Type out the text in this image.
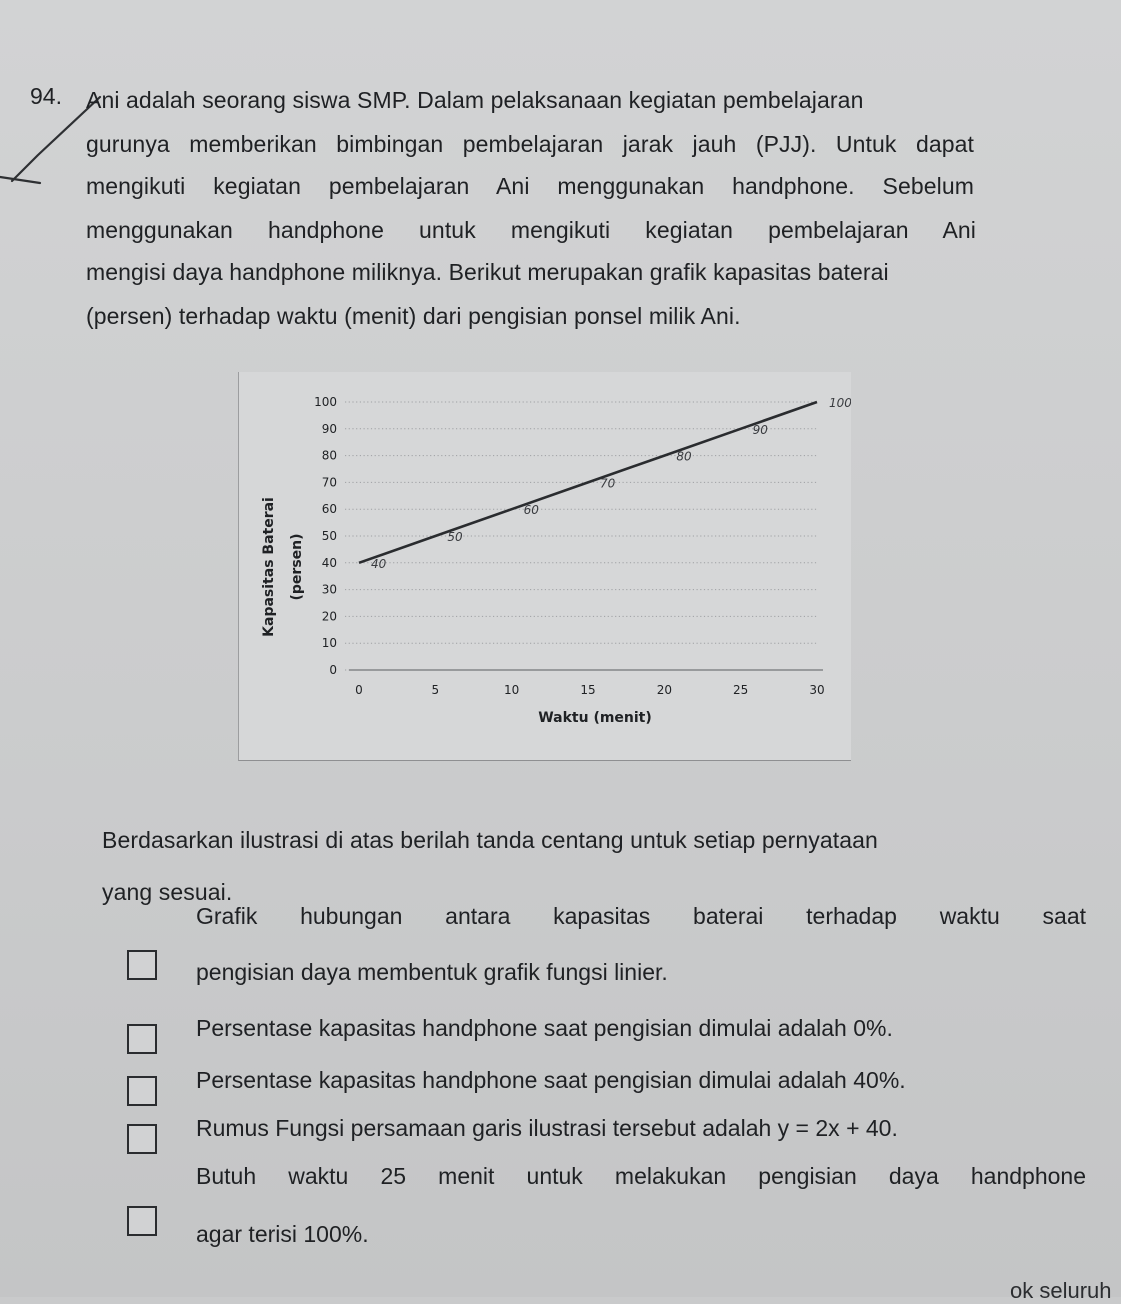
94. Ani adalah seorang siswa SMP. Dalam pelaksanaan kegiatan pembelajaran
gurunya memberikan bimbingan pembelajaran jarak jauh (PJJ). Untuk dapat
mengikuti kegiatan pembelajaran Ani menggunakan handphone. Sebelum
menggunakan handphone untuk mengikuti kegiatan pembelajaran Ani
mengisi daya handphone miliknya. Berikut merupakan grafik kapasitas baterai
(persen) terhadap waktu (menit) dari pengisian ponsel milik Ani.
0
10
20
30
40
50
60
70
80
90
100
0	5	10	15	20	25	30
40
50
60
70
80
90
100
Waktu (menit)
Kapasitas Baterai (persen)
Berdasarkan ilustrasi di atas berilah tanda centang untuk setiap pernyataan
yang sesuai.
Grafik hubungan antara kapasitas baterai terhadap waktu saat
pengisian daya membentuk grafik fungsi linier.
Persentase kapasitas handphone saat pengisian dimulai adalah 0%.
Persentase kapasitas handphone saat pengisian dimulai adalah 40%.
Rumus Fungsi persamaan garis ilustrasi tersebut adalah y = 2x + 40.
Butuh waktu 25 menit untuk melakukan pengisian daya handphone
agar terisi 100%.
ok seluruh
